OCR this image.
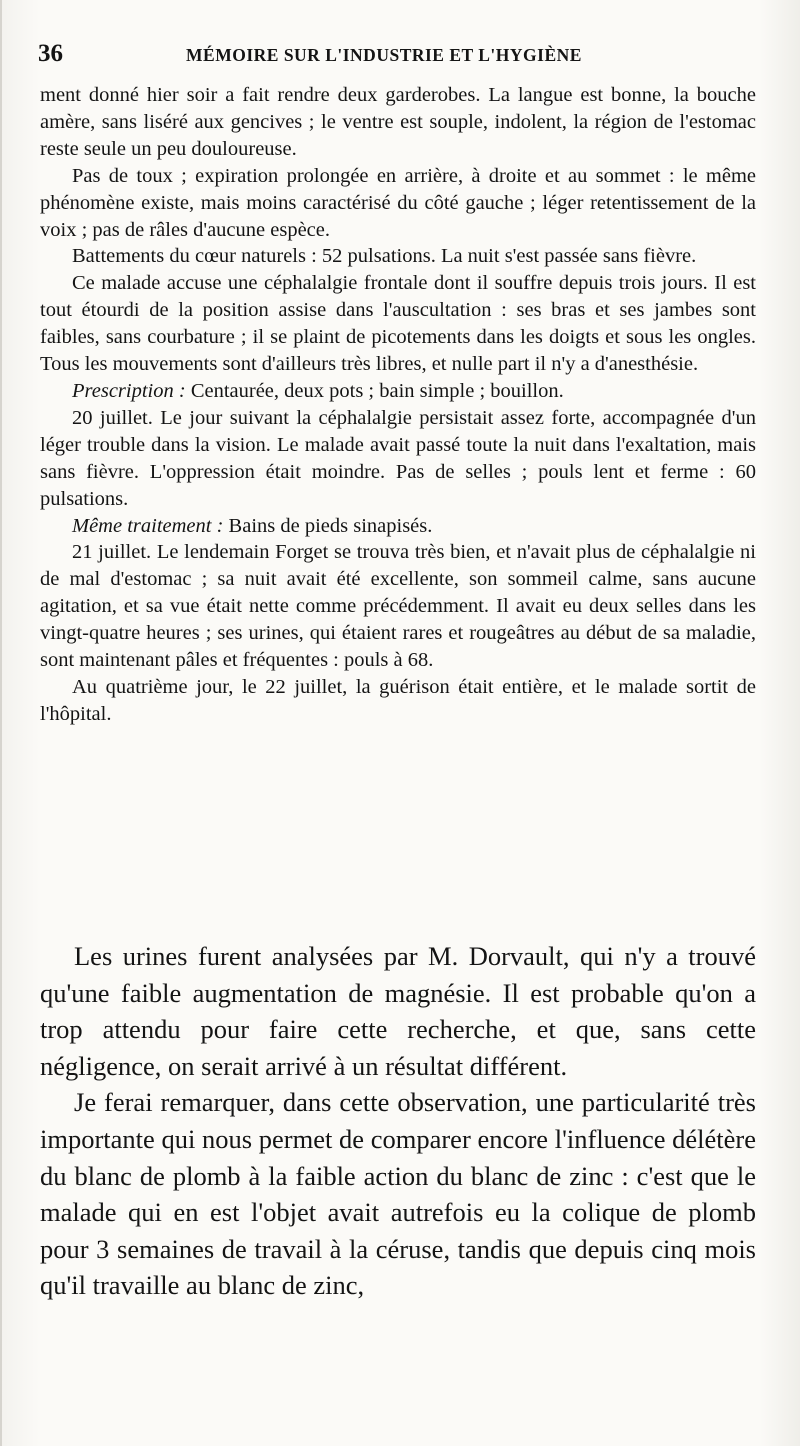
36	MÉMOIRE SUR L'INDUSTRIE ET L'HYGIÈNE

ment donné hier soir a fait rendre deux garderobes. La langue est bonne, la bouche amère, sans liséré aux gencives ; le ventre est souple, indolent, la région de l'estomac reste seule un peu douloureuse.

Pas de toux ; expiration prolongée en arrière, à droite et au sommet : le même phénomène existe, mais moins caractérisé du côté gauche ; léger retentissement de la voix ; pas de râles d'aucune espèce.

Battements du cœur naturels : 52 pulsations. La nuit s'est passée sans fièvre.

Ce malade accuse une céphalalgie frontale dont il souffre depuis trois jours. Il est tout étourdi de la position assise dans l'auscultation : ses bras et ses jambes sont faibles, sans courbature ; il se plaint de picotements dans les doigts et sous les ongles. Tous les mouvements sont d'ailleurs très libres, et nulle part il n'y a d'anesthésie.

Prescription : Centaurée, deux pots ; bain simple ; bouillon.

20 juillet. Le jour suivant la céphalalgie persistait assez forte, accompagnée d'un léger trouble dans la vision. Le malade avait passé toute la nuit dans l'exaltation, mais sans fièvre. L'oppression était moindre. Pas de selles ; pouls lent et ferme : 60 pulsations.

Même traitement : Bains de pieds sinapisés.

21 juillet. Le lendemain Forget se trouva très bien, et n'avait plus de céphalalgie ni de mal d'estomac ; sa nuit avait été excellente, son sommeil calme, sans aucune agitation, et sa vue était nette comme précédemment. Il avait eu deux selles dans les vingt-quatre heures ; ses urines, qui étaient rares et rougeâtres au début de sa maladie, sont maintenant pâles et fréquentes : pouls à 68.

Au quatrième jour, le 22 juillet, la guérison était entière, et le malade sortit de l'hôpital.

Les urines furent analysées par M. Dorvault, qui n'y a trouvé qu'une faible augmentation de magnésie. Il est probable qu'on a trop attendu pour faire cette recherche, et que, sans cette négligence, on serait arrivé à un résultat différent.

Je ferai remarquer, dans cette observation, une particularité très importante qui nous permet de comparer encore l'influence délétère du blanc de plomb à la faible action du blanc de zinc : c'est que le malade qui en est l'objet avait autrefois eu la colique de plomb pour 3 semaines de travail à la céruse, tandis que depuis cinq mois qu'il travaille au blanc de zinc,
